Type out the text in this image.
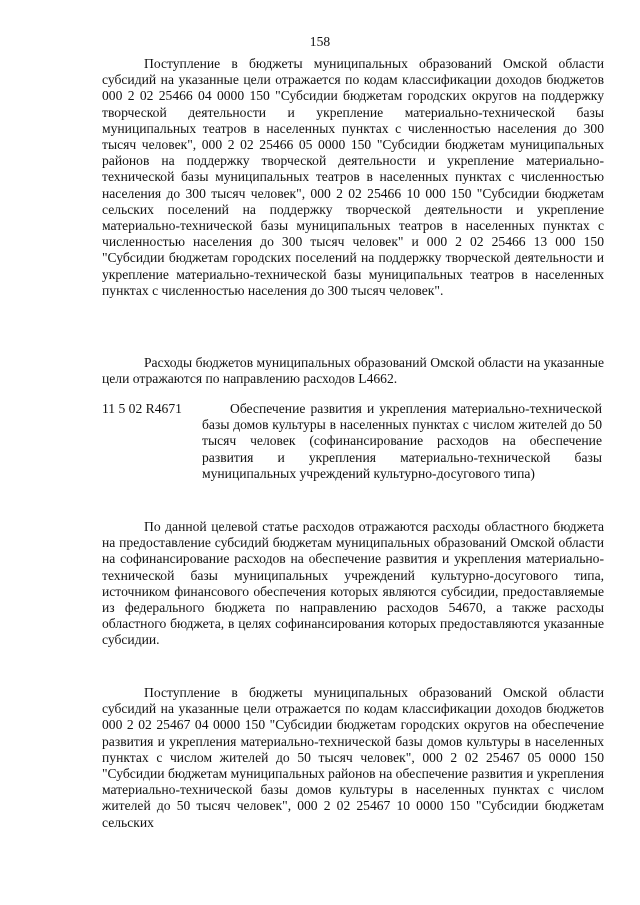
158

Поступление в бюджеты муниципальных образований Омской области субсидий на указанные цели отражается по кодам классификации доходов бюджетов 000 2 02 25466 04 0000 150 "Субсидии бюджетам городских округов на поддержку творческой деятельности и укрепление материально-технической базы муниципальных театров в населенных пунктах с численностью населения до 300 тысяч человек", 000 2 02 25466 05 0000 150 "Субсидии бюджетам муниципальных районов на поддержку творческой деятельности и укрепление материально-технической базы муниципальных театров в населенных пунктах с численностью населения до 300 тысяч человек", 000 2 02 25466 10 000 150 "Субсидии бюджетам сельских поселений на поддержку творческой деятельности и укрепление материально-технической базы муниципальных театров в населенных пунктах с численностью населения до 300 тысяч человек" и 000 2 02 25466 13 000 150 "Субсидии бюджетам городских поселений на поддержку творческой деятельности и укрепление материально-технической базы муниципальных театров в населенных пунктах с численностью населения до 300 тысяч человек".

Расходы бюджетов муниципальных образований Омской области на указанные цели отражаются по направлению расходов L4662.

11 5 02 R4671	Обеспечение развития и укрепления материально-технической базы домов культуры в населенных пунктах с числом жителей до 50 тысяч человек (софинансирование расходов на обеспечение развития и укрепления материально-технической базы муниципальных учреждений культурно-досугового типа)

По данной целевой статье расходов отражаются расходы областного бюджета на предоставление субсидий бюджетам муниципальных образований Омской области на софинансирование расходов на обеспечение развития и укрепления материально-технической базы муниципальных учреждений культурно-досугового типа, источником финансового обеспечения которых являются субсидии, предоставляемые из федерального бюджета по направлению расходов 54670, а также расходы областного бюджета, в целях софинансирования которых предоставляются указанные субсидии.

Поступление в бюджеты муниципальных образований Омской области субсидий на указанные цели отражается по кодам классификации доходов бюджетов 000 2 02 25467 04 0000 150 "Субсидии бюджетам городских округов на обеспечение развития и укрепления материально-технической базы домов культуры в населенных пунктах с числом жителей до 50 тысяч человек", 000 2 02 25467 05 0000 150 "Субсидии бюджетам муниципальных районов на обеспечение развития и укрепления материально-технической базы домов культуры в населенных пунктах с числом жителей до 50 тысяч человек", 000 2 02 25467 10 0000 150 "Субсидии бюджетам сельских
